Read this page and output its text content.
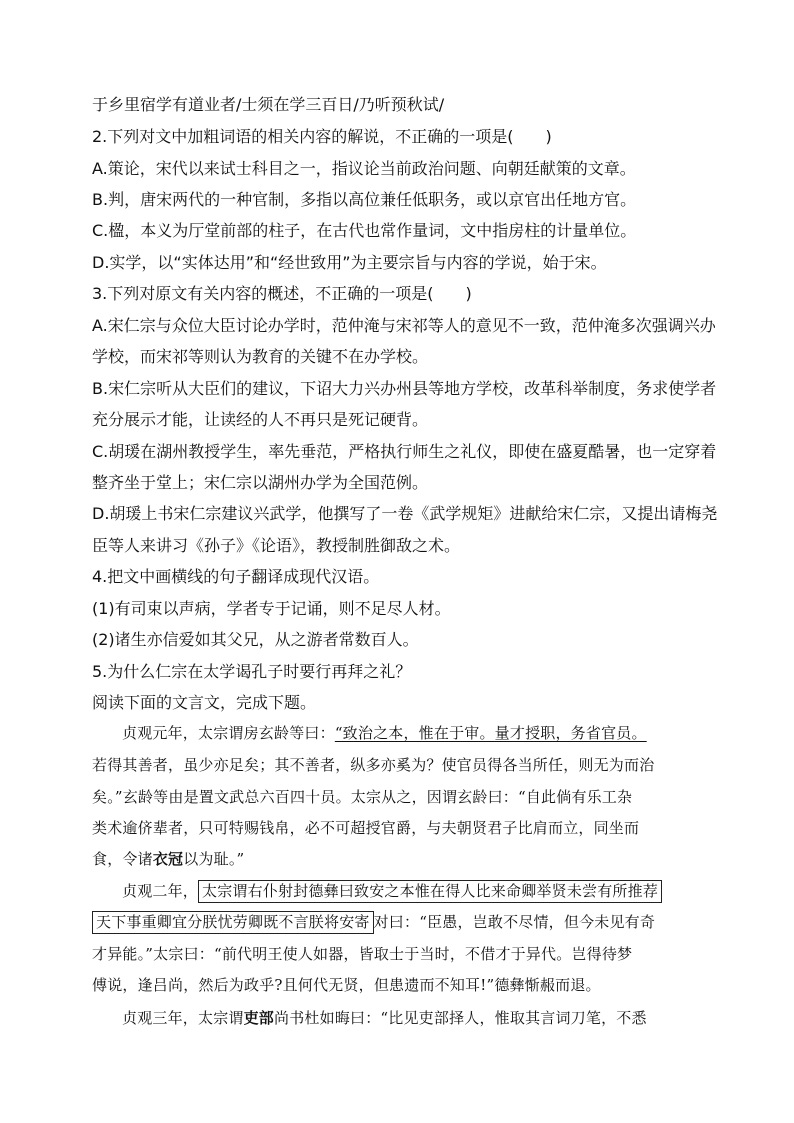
于乡里宿学有道业者/士须在学三百日/乃听预秋试/
2.下列对文中加粗词语的相关内容的解说，不正确的一项是(　　)
A.策论，宋代以来试士科目之一，指议论当前政治问题、向朝廷献策的文章。
B.判，唐宋两代的一种官制，多指以高位兼任低职务，或以京官出任地方官。
C.楹，本义为厅堂前部的柱子，在古代也常作量词，文中指房柱的计量单位。
D.实学，以“实体达用”和“经世致用”为主要宗旨与内容的学说，始于宋。
3.下列对原文有关内容的概述，不正确的一项是(　　)
A.宋仁宗与众位大臣讨论办学时，范仲淹与宋祁等人的意见不一致，范仲淹多次强调兴办
学校，而宋祁等则认为教育的关键不在办学校。
B.宋仁宗听从大臣们的建议，下诏大力兴办州县等地方学校，改革科举制度，务求使学者
充分展示才能，让读经的人不再只是死记硬背。
C.胡瑗在湖州教授学生，率先垂范，严格执行师生之礼仪，即使在盛夏酷暑，也一定穿着
整齐坐于堂上；宋仁宗以湖州办学为全国范例。
D.胡瑗上书宋仁宗建议兴武学，他撰写了一卷《武学规矩》进献给宋仁宗，又提出请梅尧
臣等人来讲习《孙子》《论语》，教授制胜御敌之术。
4.把文中画横线的句子翻译成现代汉语。
(1)有司束以声病，学者专于记诵，则不足尽人材。
(2)诸生亦信爱如其父兄，从之游者常数百人。
5.为什么仁宗在太学谒孔子时要行再拜之礼？
阅读下面的文言文，完成下题。
贞观元年，太宗谓房玄龄等曰：“致治之本，惟在于审。量才授职，务省官员。
若得其善者，虽少亦足矣；其不善者，纵多亦奚为？使官员得各当所任，则无为而治
矣。”玄龄等由是置文武总六百四十员。太宗从之，因谓玄龄曰：“自此倘有乐工杂
类术逾侪辈者，只可特赐钱帛，必不可超授官爵，与夫朝贤君子比肩而立，同坐而
食，令诸衣冠以为耻。”
贞观二年， 太宗谓右仆射封德彝曰致安之本惟在得人比来命卿举贤未尝有所推荐
天下事重卿宜分朕忧劳卿既不言朕将安寄 对曰：“臣愚，岂敢不尽情，但今未见有奇
才异能。”太宗曰：“前代明王使人如器，皆取士于当时，不借才于异代。岂得待梦
傅说，逢吕尚，然后为政乎?且何代无贤，但患遗而不知耳!”德彝惭赧而退。
贞观三年，太宗谓吏部尚书杜如晦曰：“比见吏部择人，惟取其言词刀笔，不悉
